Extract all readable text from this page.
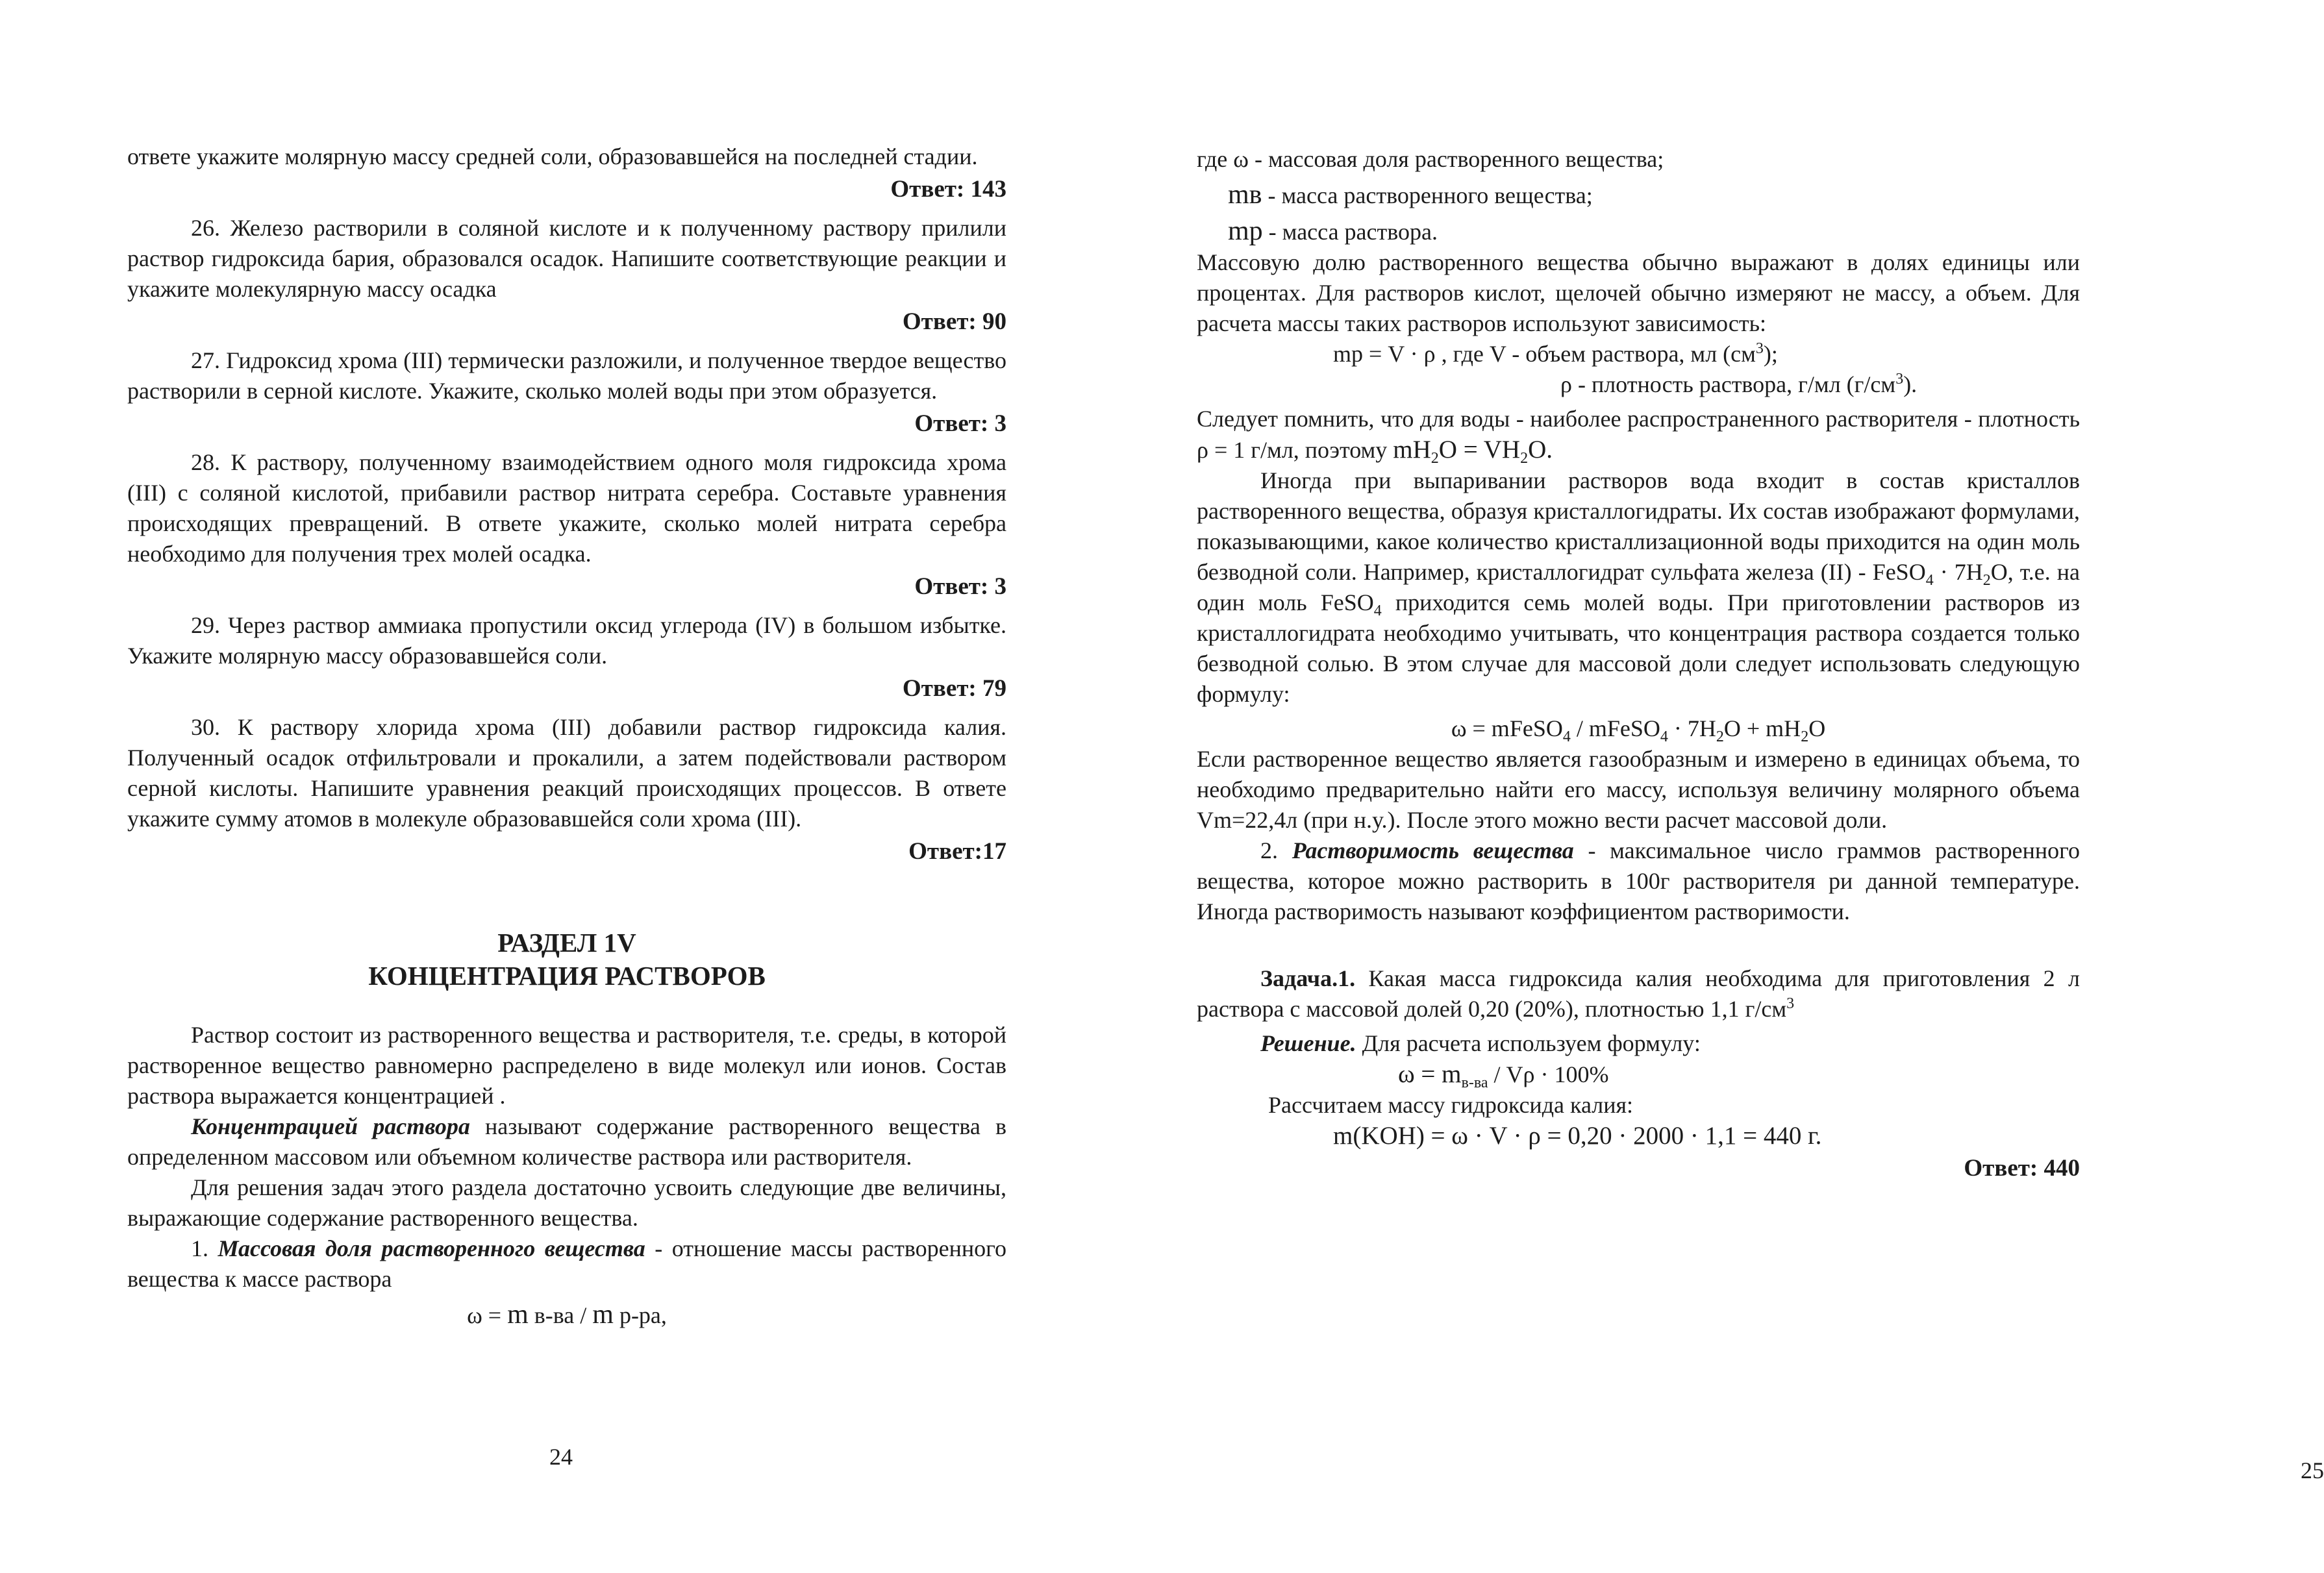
ответе укажите молярную массу средней соли, образовавшейся на последней стадии.

Ответ: 143

26. Железо растворили в соляной кислоте и к полученному раствору прилили раствор гидроксида бария, образовался осадок. Напишите соответствующие реакции и укажите молекулярную массу осадка

Ответ: 90

27. Гидроксид хрома (III) термически разложили, и полученное твердое вещество растворили в серной кислоте. Укажите, сколько молей воды при этом образуется.

Ответ: 3

28. К раствору, полученному взаимодействием одного моля гидроксида хрома (III) с соляной кислотой, прибавили раствор нитрата серебра. Составьте уравнения происходящих превращений. В ответе укажите, сколько молей нитрата серебра необходимо для получения трех молей осадка.

Ответ: 3

29. Через раствор аммиака пропустили оксид углерода (IV) в большом избытке. Укажите молярную массу образовавшейся соли.

Ответ: 79

30. К раствору хлорида хрома (III) добавили раствор гидроксида калия. Полученный осадок отфильтровали и прокалили, а затем подействовали раствором серной кислоты. Напишите уравнения реакций происходящих процессов. В ответе укажите сумму атомов в молекуле образовавшейся соли хрома (III).

Ответ:17

РАЗДЕЛ 1V
КОНЦЕНТРАЦИЯ РАСТВОРОВ

Раствор состоит из растворенного вещества и растворителя, т.е. среды, в которой растворенное вещество равномерно распределено в виде молекул или ионов. Состав раствора выражается концентрацией .

Концентрацией раствора называют содержание растворенного вещества в определенном массовом или объемном количестве раствора или растворителя.

Для решения задач этого раздела достаточно усвоить следующие две величины, выражающие содержание растворенного вещества.

1. Массовая доля растворенного вещества - отношение массы растворенного вещества к массе раствора

ω = m в-ва / m р-ра,

24

где ω - массовая доля растворенного вещества;

mв - масса растворенного вещества;

mр - масса раствора.

Массовую долю растворенного вещества обычно выражают в долях единицы или процентах. Для растворов кислот, щелочей обычно измеряют не массу, а объем. Для расчета массы таких растворов используют зависимость:

mр = V · ρ , где V - объем раствора, мл $(см^3)$;

ρ - плотность раствора, г/мл $(г/см^3)$.

Следует помнить, что для воды - наиболее распространенного растворителя - плотность ρ = 1 г/мл, поэтому $mH_2O = VH_2O$.

Иногда при выпаривании растворов вода входит в состав кристаллов растворенного вещества, образуя кристаллогидраты. Их состав изображают формулами, показывающими, какое количество кристаллизационной воды приходится на один моль безводной соли. Например, кристаллогидрат сульфата железа (II) - FeSO$_4$ · $7H_2O$, т.е. на один моль FeSO$_4$ приходится семь молей воды. При приготовлении растворов из кристаллогидрата необходимо учитывать, что концентрация раствора создается только безводной солью. В этом случае для массовой доли следует использовать следующую формулу:

ω = mFeSO$_4$ / mFeSO$_4$ · $7H_2O + mH_2O$

Если растворенное вещество является газообразным и измерено в единицах объема, то необходимо предварительно найти его массу, используя величину молярного объема Vm=22,4л (при н.у.). После этого можно вести расчет массовой доли.

2. Растворимость вещества - максимальное число граммов растворенного вещества, которое можно растворить в 100г растворителя ри данной температуре. Иногда растворимость называют коэффициентом растворимости.

Задача.1. Какая масса гидроксида калия необходима для приготовления 2 л раствора с массовой долей 0,20 (20%), плотностью 1,1 $г/см^3$

Решение. Для расчета используем формулу:

$\omega = m_{в-ва} / V\rho \cdot 100\%$

Рассчитаем массу гидроксида калия:

m(KOH) = ω · V · ρ = 0,20 · 2000 · 1,1 = 440 г.

Ответ: 440

25
